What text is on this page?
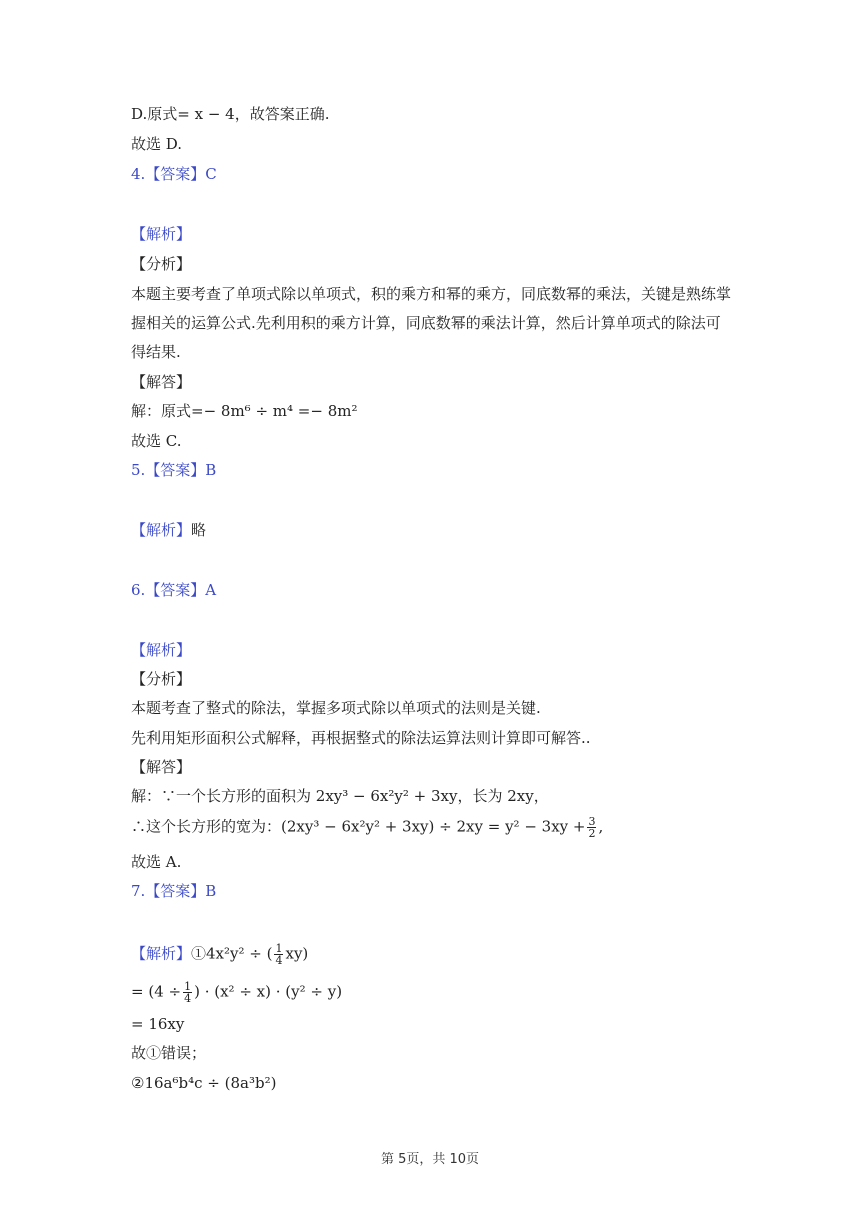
D.原式= x − 4，故答案正确.
故选 D.
4.【答案】C
【解析】
【分析】
本题主要考查了单项式除以单项式，积的乘方和幂的乘方，同底数幂的乘法，关键是熟练掌
握相关的运算公式.先利用积的乘方计算，同底数幂的乘法计算，然后计算单项式的除法可
得结果.
【解答】
解：原式=− 8m⁶ ÷ m⁴ =− 8m²
故选 C.
5.【答案】B
【解析】略
6.【答案】A
【解析】
【分析】
本题考查了整式的除法，掌握多项式除以单项式的法则是关键.
先利用矩形面积公式解释，再根据整式的除法运算法则计算即可解答..
【解答】
解：∵一个长方形的面积为 2xy³ − 6x²y² + 3xy，长为 2xy，
∴这个长方形的宽为：$(2xy^3 - 6x^2y^2 + 3xy) \div 2xy = y^2 - 3xy + \frac{3}{2}$ ,
故选 A.
7.【答案】B
【解析】①4x²y² ÷ ( $\frac{1}{4} xy$)
= ($4 \div \frac{1}{4}$ ) · (x² ÷ x) · (y² ÷ y)
= 16xy
故①错误；
②16a⁶b⁴c ÷ (8a³b²)
第 5页，共 10页
